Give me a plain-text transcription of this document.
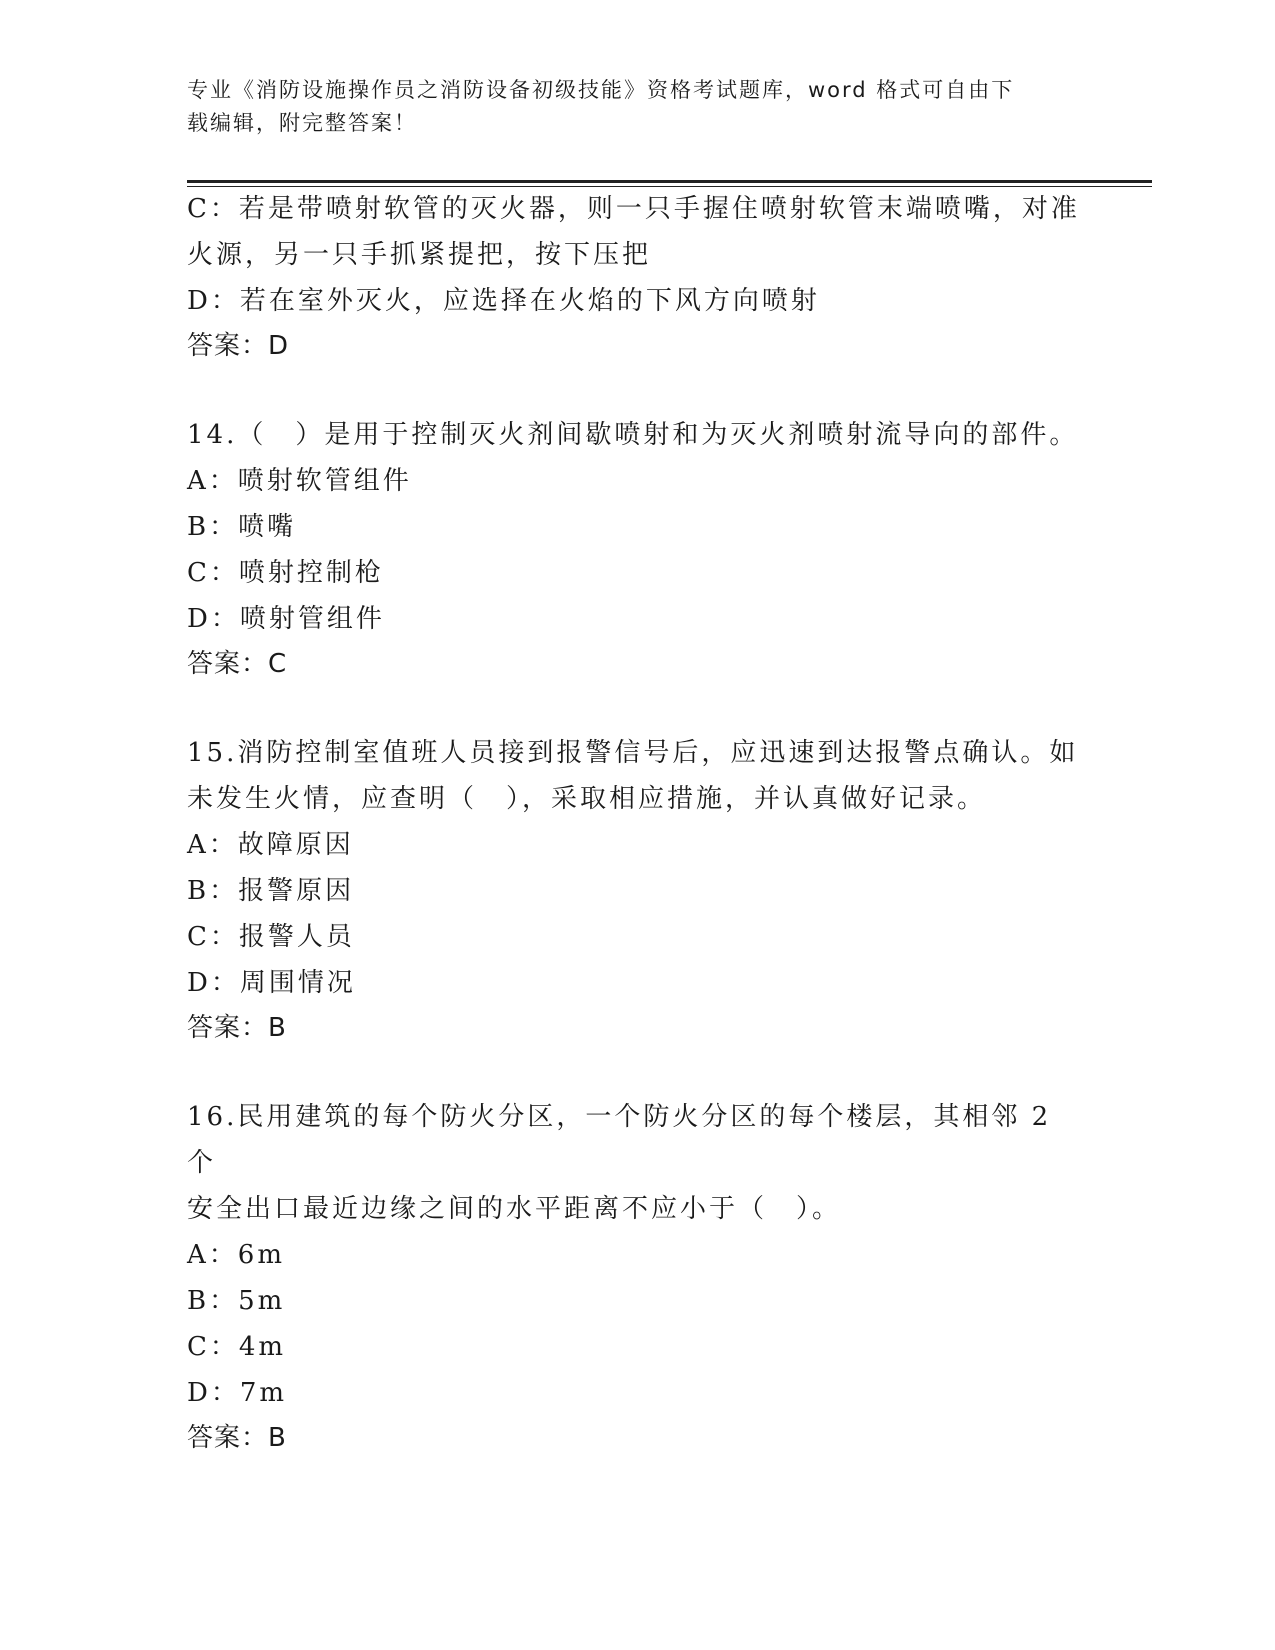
专业《消防设施操作员之消防设备初级技能》资格考试题库，word 格式可自由下
载编辑，附完整答案！
C：若是带喷射软管的灭火器，则一只手握住喷射软管末端喷嘴，对准
火源，另一只手抓紧提把，按下压把
D：若在室外灭火，应选择在火焰的下风方向喷射
答案：D
14.（　）是用于控制灭火剂间歇喷射和为灭火剂喷射流导向的部件。
A：喷射软管组件
B：喷嘴
C：喷射控制枪
D：喷射管组件
答案：C
15.消防控制室值班人员接到报警信号后，应迅速到达报警点确认。如
未发生火情，应查明（　），采取相应措施，并认真做好记录。
A：故障原因
B：报警原因
C：报警人员
D：周围情况
答案：B
16.民用建筑的每个防火分区，一个防火分区的每个楼层，其相邻 2 个
安全出口最近边缘之间的水平距离不应小于（　）。
A：6m
B：5m
C：4m
D：7m
答案：B
